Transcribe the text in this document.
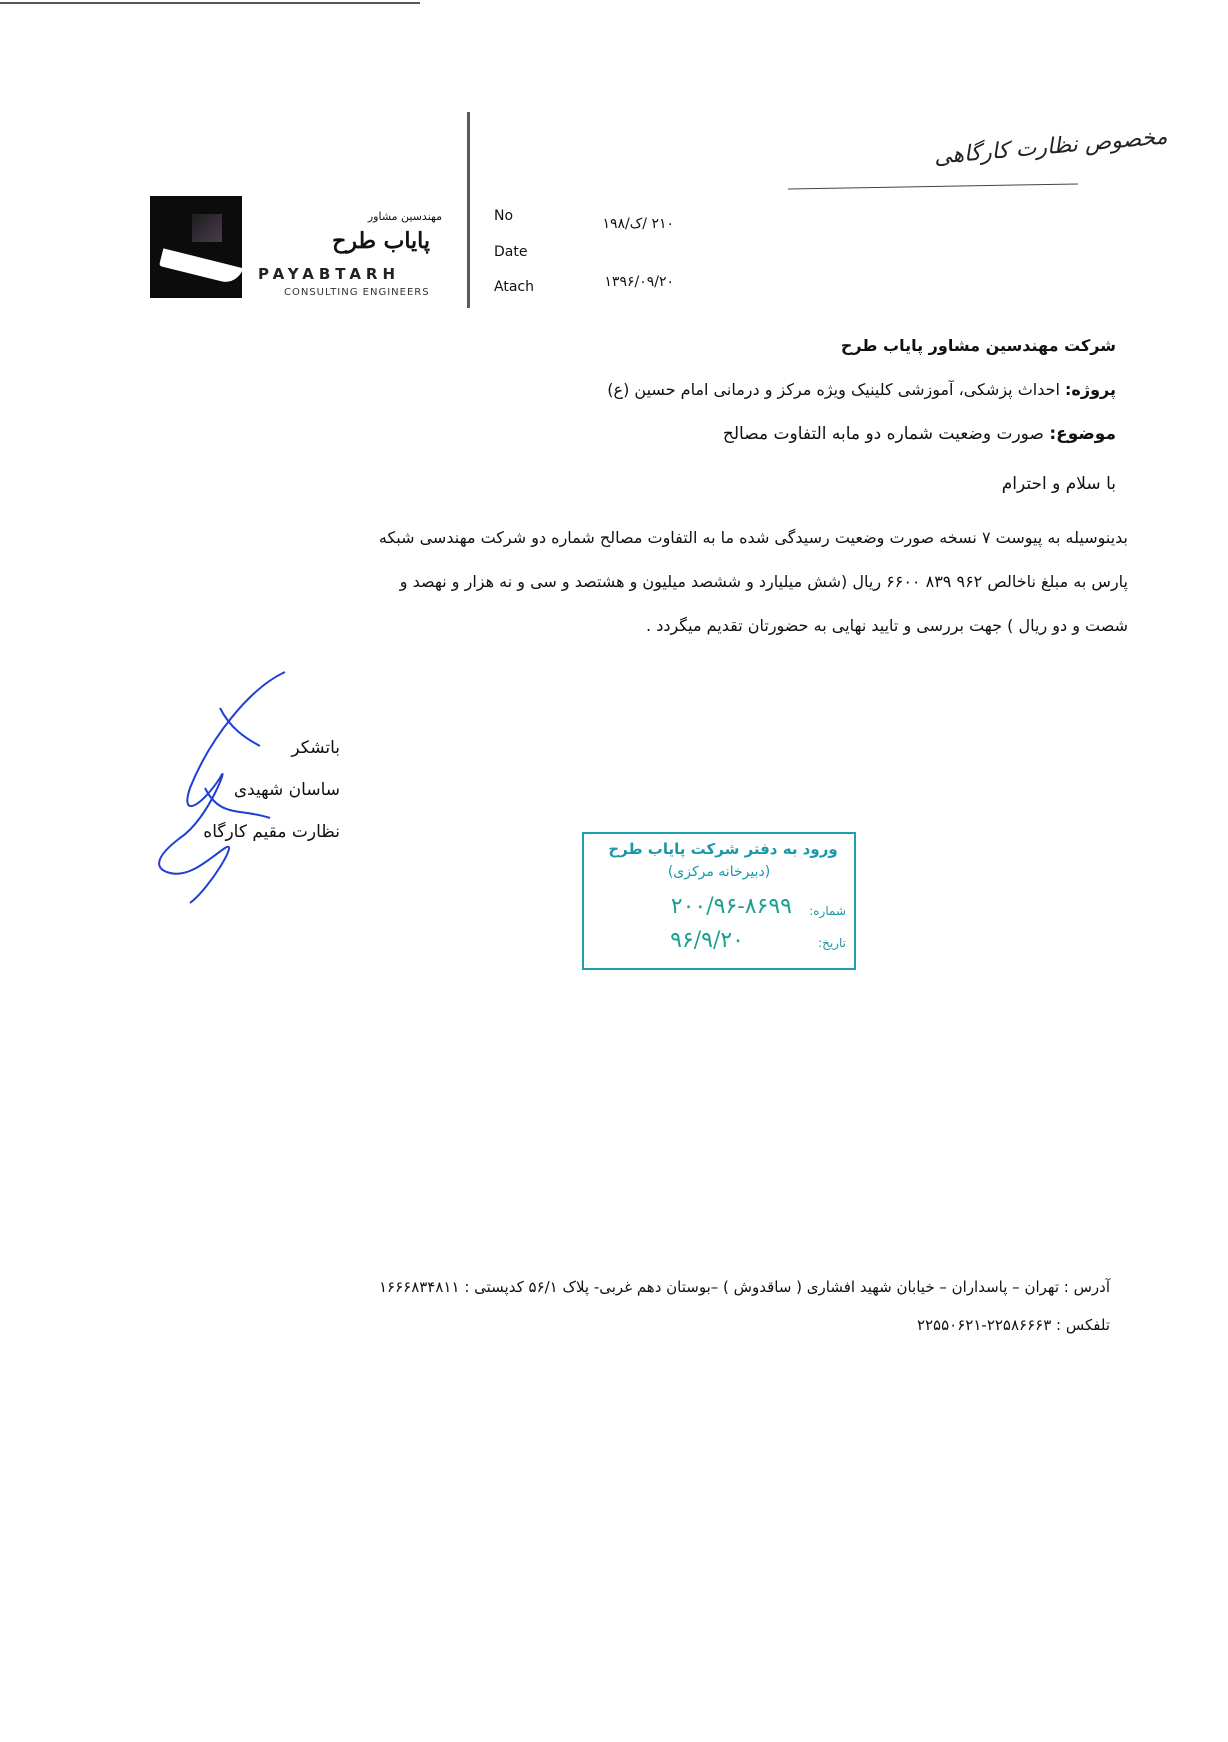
مخصوص نظارت کارگاهی
مهندسین مشاور
پایاب طرح
PAYABTARH
CONSULTING ENGINEERS
No
Date
Atach
۲۱۰ /ک/۱۹۸
۱۳۹۶/۰۹/۲۰
شرکت مهندسین مشاور پایاب طرح
پروژه: احداث پزشکی، آموزشی کلینیک ویژه مرکز و درمانی امام حسین (ع)
موضوع: صورت وضعیت شماره دو مابه التفاوت مصالح
با سلام و احترام
بدینوسیله به پیوست ۷ نسخه صورت وضعیت رسیدگی شده ما به التفاوت مصالح شماره دو شرکت مهندسی شبکه
پارس به مبلغ ناخالص ۹۶۲ ۸۳۹ ۶۶۰۰ ریال (شش میلیارد و ششصد میلیون و هشتصد و سی و نه هزار و نهصد و
شصت و دو ریال ) جهت بررسی و تایید نهایی به حضورتان تقدیم میگردد .
باتشکر
ساسان شهیدی
نظارت مقیم کارگاه
ورود به دفتر شرکت پایاب طرح
(دبیرخانه مرکزی)
شماره:
۲۰۰/۹۶-۸۶۹۹
تاریخ:
۹۶/۹/۲۰
آدرس : تهران – پاسداران – خیابان شهید افشاری ( ساقدوش ) –بوستان دهم غربی- پلاک ۵۶/۱ کدپستی : ۱۶۶۶۸۳۴۸۱۱
تلفکس : ۲۲۵۸۶۶۶۳-۲۲۵۵۰۶۲۱
